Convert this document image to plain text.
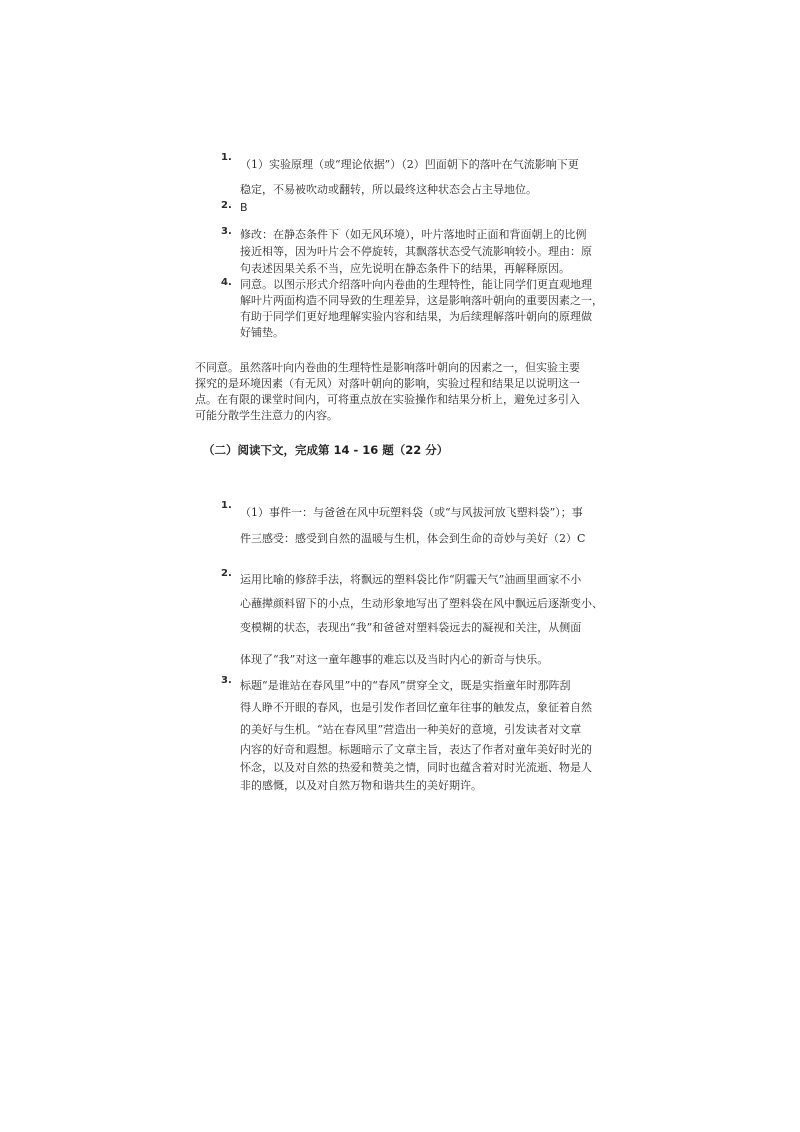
1.
（1）实验原理（或“理论依据”）（2）凹面朝下的落叶在气流影响下更
稳定，不易被吹动或翻转，所以最终这种状态会占主导地位。
2. B
3. 修改：在静态条件下（如无风环境），叶片落地时正面和背面朝上的比例
接近相等，因为叶片会不停旋转，其飘落状态受气流影响较小。理由：原
句表述因果关系不当，应先说明在静态条件下的结果，再解释原因。
4. 同意。以图示形式介绍落叶向内卷曲的生理特性，能让同学们更直观地理
解叶片两面构造不同导致的生理差异，这是影响落叶朝向的重要因素之一，
有助于同学们更好地理解实验内容和结果，为后续理解落叶朝向的原理做
好铺垫。
不同意。虽然落叶向内卷曲的生理特性是影响落叶朝向的因素之一，但实验主要
探究的是环境因素（有无风）对落叶朝向的影响，实验过程和结果足以说明这一
点。在有限的课堂时间内，可将重点放在实验操作和结果分析上，避免过多引入
可能分散学生注意力的内容。
（二）阅读下文，完成第 14 - 16 题（22 分）
1.
（1）事件一：与爸爸在风中玩塑料袋（或“与风拔河放飞塑料袋”）；事
件三感受：感受到自然的温暖与生机，体会到生命的奇妙与美好（2）C
2. 运用比喻的修辞手法，将飘远的塑料袋比作“阴霾天气”油画里画家不小
心蘸撵颜料留下的小点，生动形象地写出了塑料袋在风中飘远后逐渐变小、
变模糊的状态，表现出“我”和爸爸对塑料袋远去的凝视和关注，从侧面
体现了“我”对这一童年趣事的难忘以及当时内心的新奇与快乐。
3. 标题“是谁站在春风里”中的“春风”贯穿全文，既是实指童年时那阵刮
得人睁不开眼的春风，也是引发作者回忆童年往事的触发点，象征着自然
的美好与生机。“站在春风里”营造出一种美好的意境，引发读者对文章
内容的好奇和遐想。标题暗示了文章主旨，表达了作者对童年美好时光的
怀念，以及对自然的热爱和赞美之情，同时也蕴含着对时光流逝、物是人
非的感慨，以及对自然万物和谐共生的美好期许。
